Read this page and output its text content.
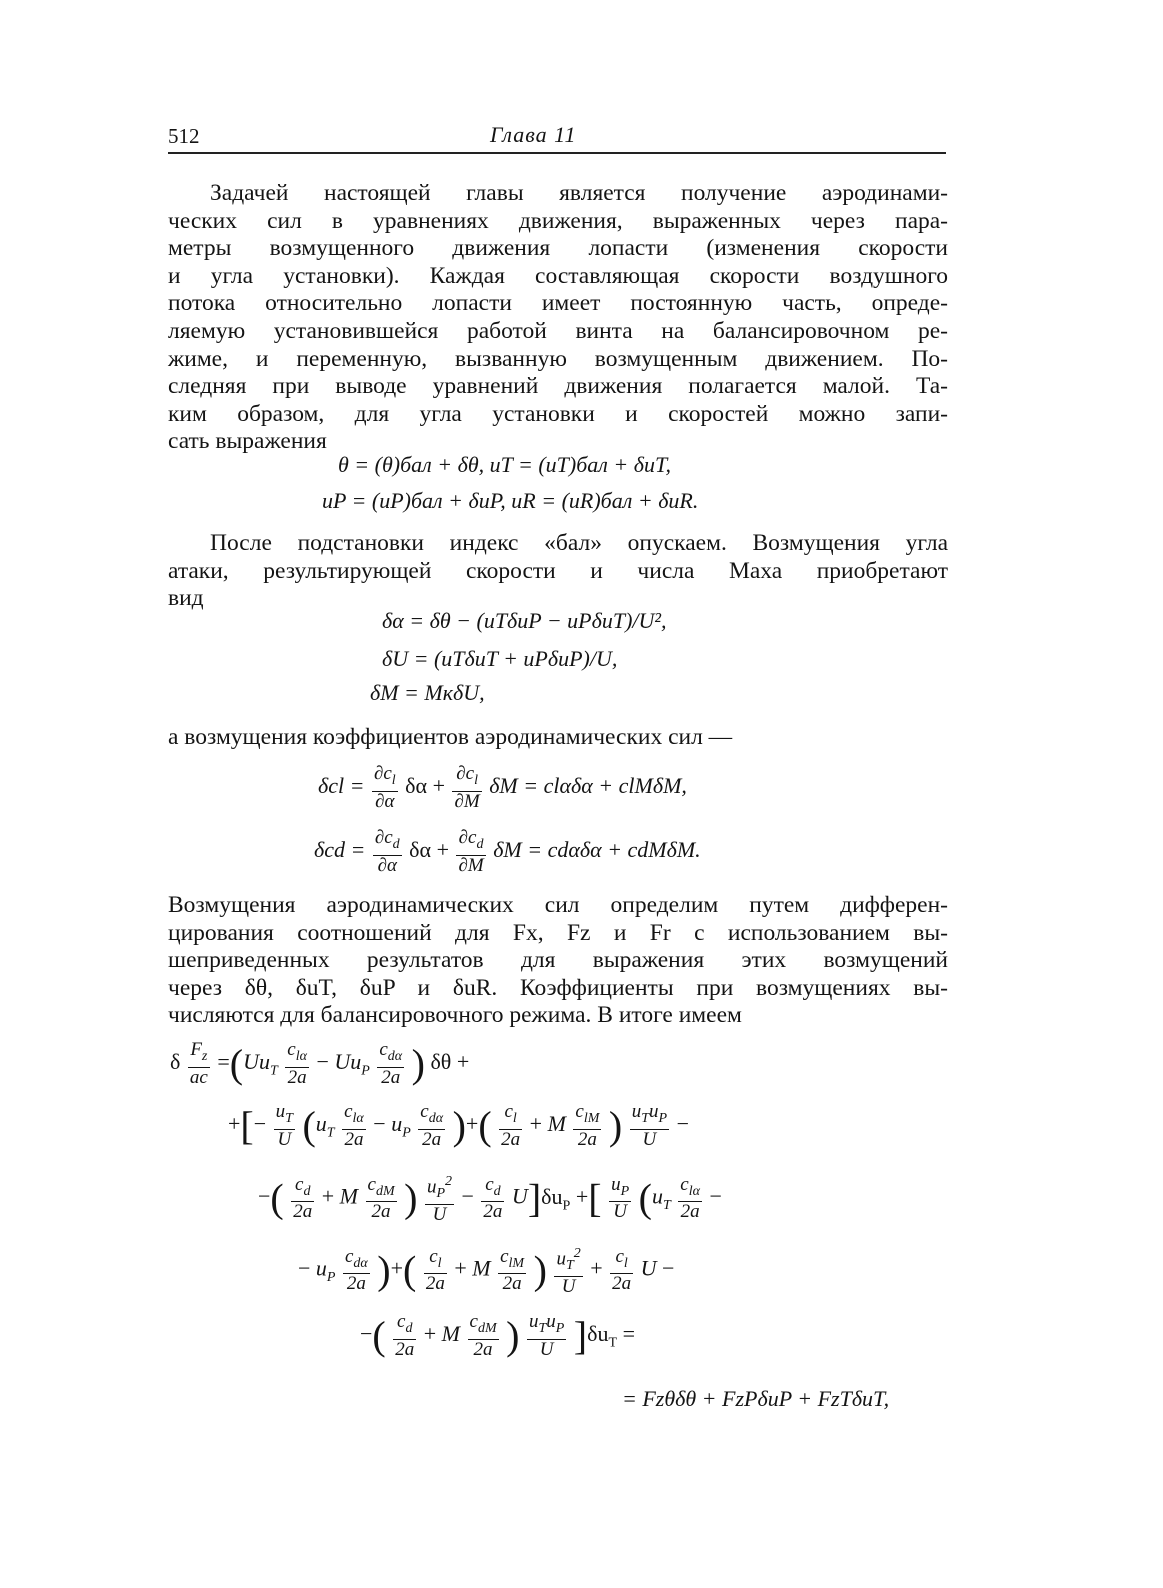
512	Глава 11
Задачей настоящей главы является получение аэродинами-
ческих сил в уравнениях движения, выраженных через пара-
метры возмущенного движения лопасти (изменения скорости
и угла установки). Каждая составляющая скорости воздушного
потока относительно лопасти имеет постоянную часть, опреде-
ляемую установившейся работой винта на балансировочном ре-
жиме, и переменную, вызванную возмущенным движением. По-
следняя при выводе уравнений движения полагается малой. Та-
ким образом, для угла установки и скоростей можно запи-
сать выражения
θ = (θ)бал + δθ, uT = (uT)бал + δuT,
uP = (uP)бал + δuP, uR = (uR)бал + δuR.
После подстановки индекс «бал» опускаем. Возмущения угла
атаки, результирующей скорости и числа Маха приобретают
вид
δα = δθ − (uTδuP − uPδuT)/U²,
δU = (uTδuT + uPδuP)/U,
δM = MкδU,
а возмущения коэффициентов аэродинамических сил —
$\delta cl = \frac{\partial c_l}{\partial\alpha}$ $\delta\alpha + \frac{\partial c_l}{\partial M}$ δM = clαδα + clMδM,
$\delta cd = \frac{\partial c_d}{\partial\alpha}$ $\delta\alpha + \frac{\partial c_d}{\partial M}$ δM = cdαδα + cdMδM.
Возмущения аэродинамических сил определим путем дифферен-
цирования соотношений для Fx, Fz и Fr с использованием вы-
шеприведенных результатов для выражения этих возмущений
через δθ, δuT, δuP и δuR. Коэффициенты при возмущениях вы-
числяются для балансировочного режима. В итоге имеем
δ $\frac{F_z}{ac} =(Uu_T \frac{c_{l\alpha}}{2a} - Uu_P \frac{c_{d\alpha}}{2a}$ ) δθ +
+[− $\frac{u_T}{U} (u_T \frac{c_{l\alpha}}{2a} - u_P \frac{c_{d\alpha}}{2a}$ )+( $\frac{c_l}{2a} + M \frac{c_{lM}}{2a}$ ) $\frac{u_Tu_P}{U}$ −
−( $\frac{c_d}{2a} + M \frac{c_{dM}}{2a}$ ) $\frac{u_P^2}{U} - \frac{c_d}{2a} U]\delta u_P$ +[ $\frac{u_P}{U} (u_T \frac{c_{l\alpha}}{2a}$ −
− $u_P \frac{c_{d\alpha}}{2a}$ )+( $\frac{c_l}{2a} + M \frac{c_{lM}}{2a}$ ) $\frac{u_T^2}{U} + \frac{c_l}{2a}$ U −
−( $\frac{c_d}{2a} + M \frac{c_{dM}}{2a}$ ) $\frac{u_Tu_P}{U} ]\delta u_T$ =
= Fzθδθ + FzPδuP + FzTδuT,
